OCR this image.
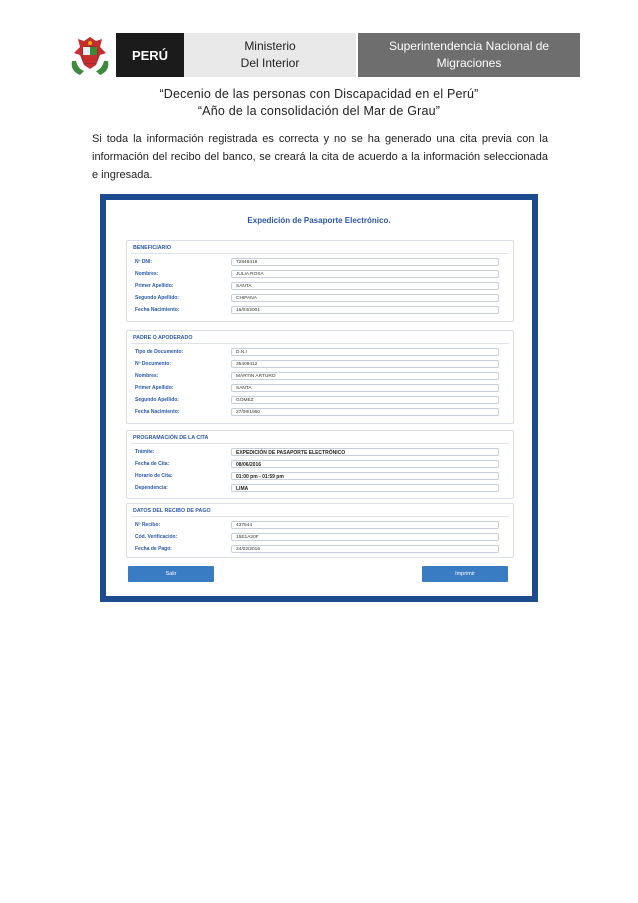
PERÚ
Ministerio
Del Interior
Superintendencia Nacional de
Migraciones
“Decenio de las personas con Discapacidad en el Perú”
“Año de la consolidación del Mar de Grau”
Si toda la información registrada es correcta y no se ha generado una cita previa con la información del recibo del banco, se creará la cita de acuerdo a la información seleccionada e ingresada.
Expedición de Pasaporte Electrónico.
BENEFICIARIO
Nº DNI:	72848418
Nombres:	JULIA ROSA
Primer Apellido:	SANTA
Segundo Apellido:	CHIPANA
Fecha Nacimiento:	16/03/2001
PADRE O APODERADO
Tipo de Documento:	D.N.I
Nº Documento:	35409412
Nombres:	MARTIN ARTURO
Primer Apellido:	SANTA
Segundo Apellido:	GOMEZ
Fecha Nacimiento:	27/08/1960
PROGRAMACIÓN DE LA CITA
Trámite:	EXPEDICIÓN DE PASAPORTE ELECTRÓNICO
Fecha de Cita:	08/06/2016
Horario de Cita:	01:00 pm - 01:59 pm
Dependencia:	LIMA
DATOS DEL RECIBO DE PAGO
Nº Recibo:	437544
Cód. Verificación:	15E1A20F
Fecha de Pago:	24/02/2016
Salir	Imprimir
